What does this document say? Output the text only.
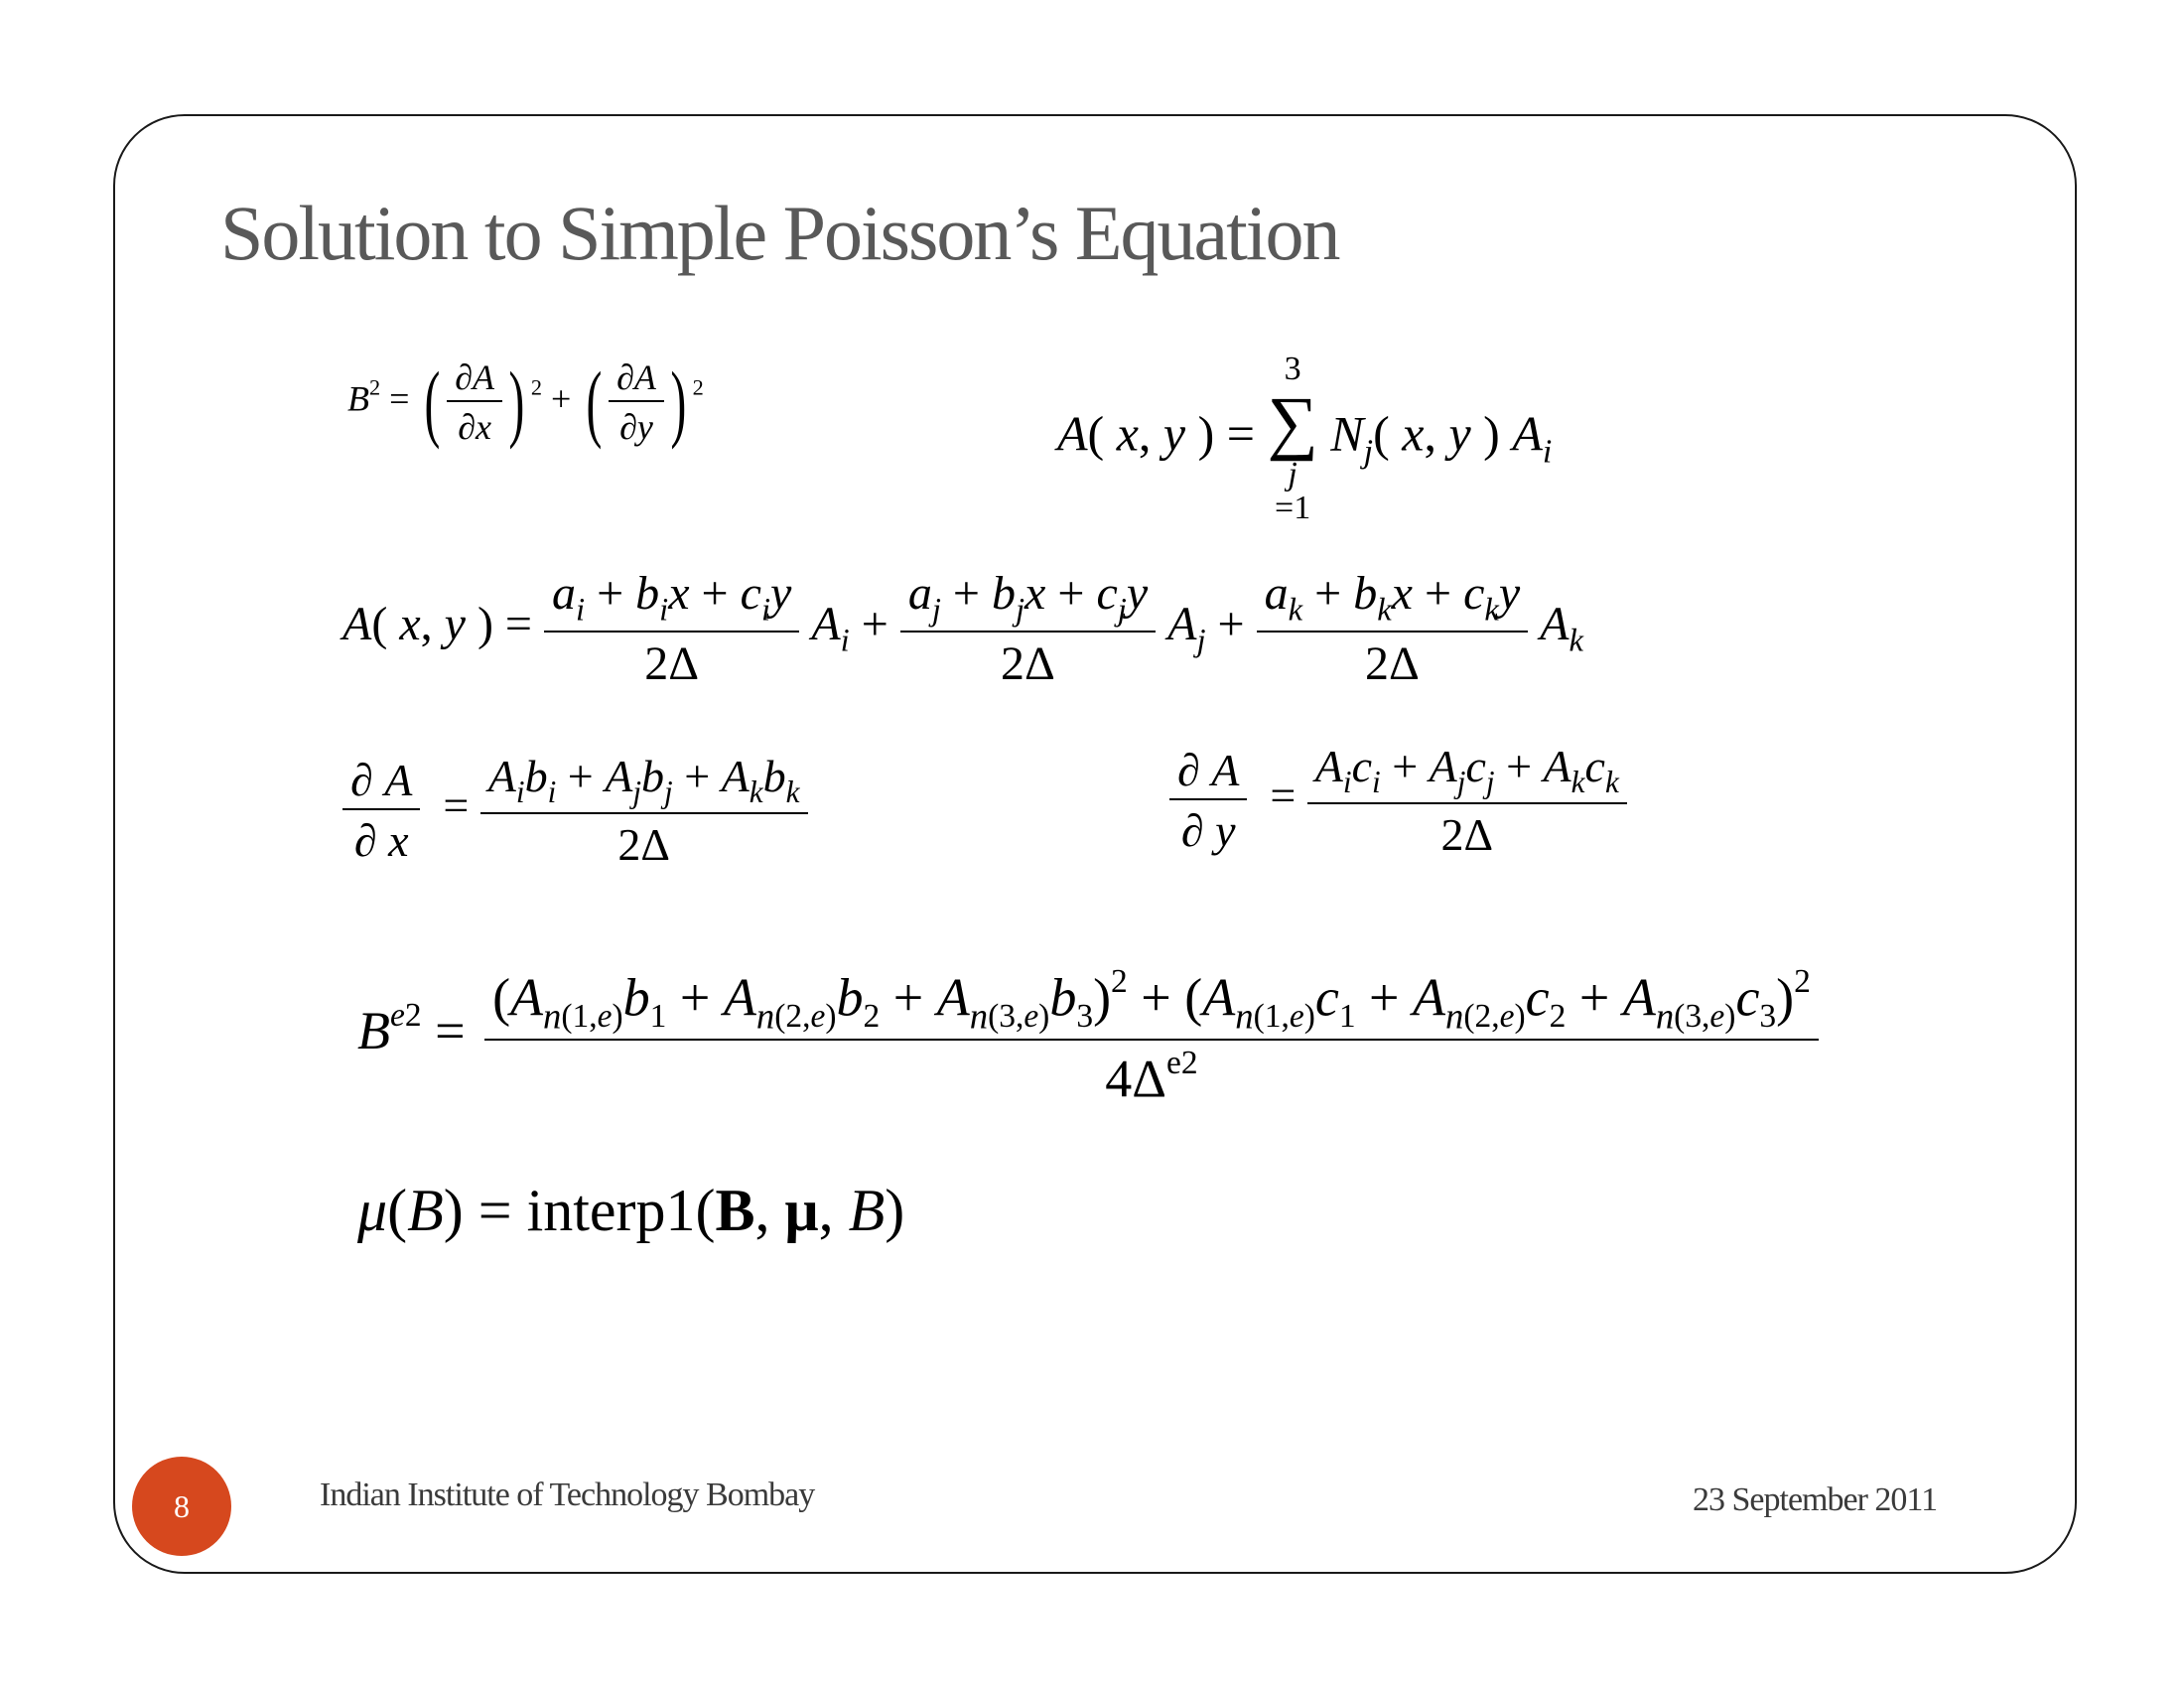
Solution to Simple Poisson’s Equation
$B^2$ = ( $\frac{\partial A}{\partial x}$ ) $^2$ + ( $\frac{\partial A}{\partial y}$ ) $^2$
A( x, y ) =
3
∑
j
=1
$N_j$( x, y ) $A_i$
A( x, y ) = $\frac{a_i + b_ix + c_iy}{2\Delta} A_i + \frac{a_j + b_jx + c_jy}{2\Delta} A_j + \frac{a_k + b_kx + c_ky}{2\Delta} A_k$
$\frac{\partial A}{\partial x} = \frac{A_ib_i + A_jb_j + A_kb_k}{2\Delta}$	$\frac{\partial A}{\partial y} = \frac{A_ic_i + A_jc_j + A_kc_k}{2\Delta}$
$B^{e2}$ =
$(A_{n(1,e)}b_1 + A_{n(2,e)}b_2 + A_{n(3,e)}b_3)^2 + (A_{n(1,e)}c_1 + A_{n(2,e)}c_2 + A_{n(3,e)}c_3)^2$
$4\Delta^{e2}$
μ(B) = interp1(B, μ, B)
8	Indian Institute of Technology Bombay	23 September 2011
